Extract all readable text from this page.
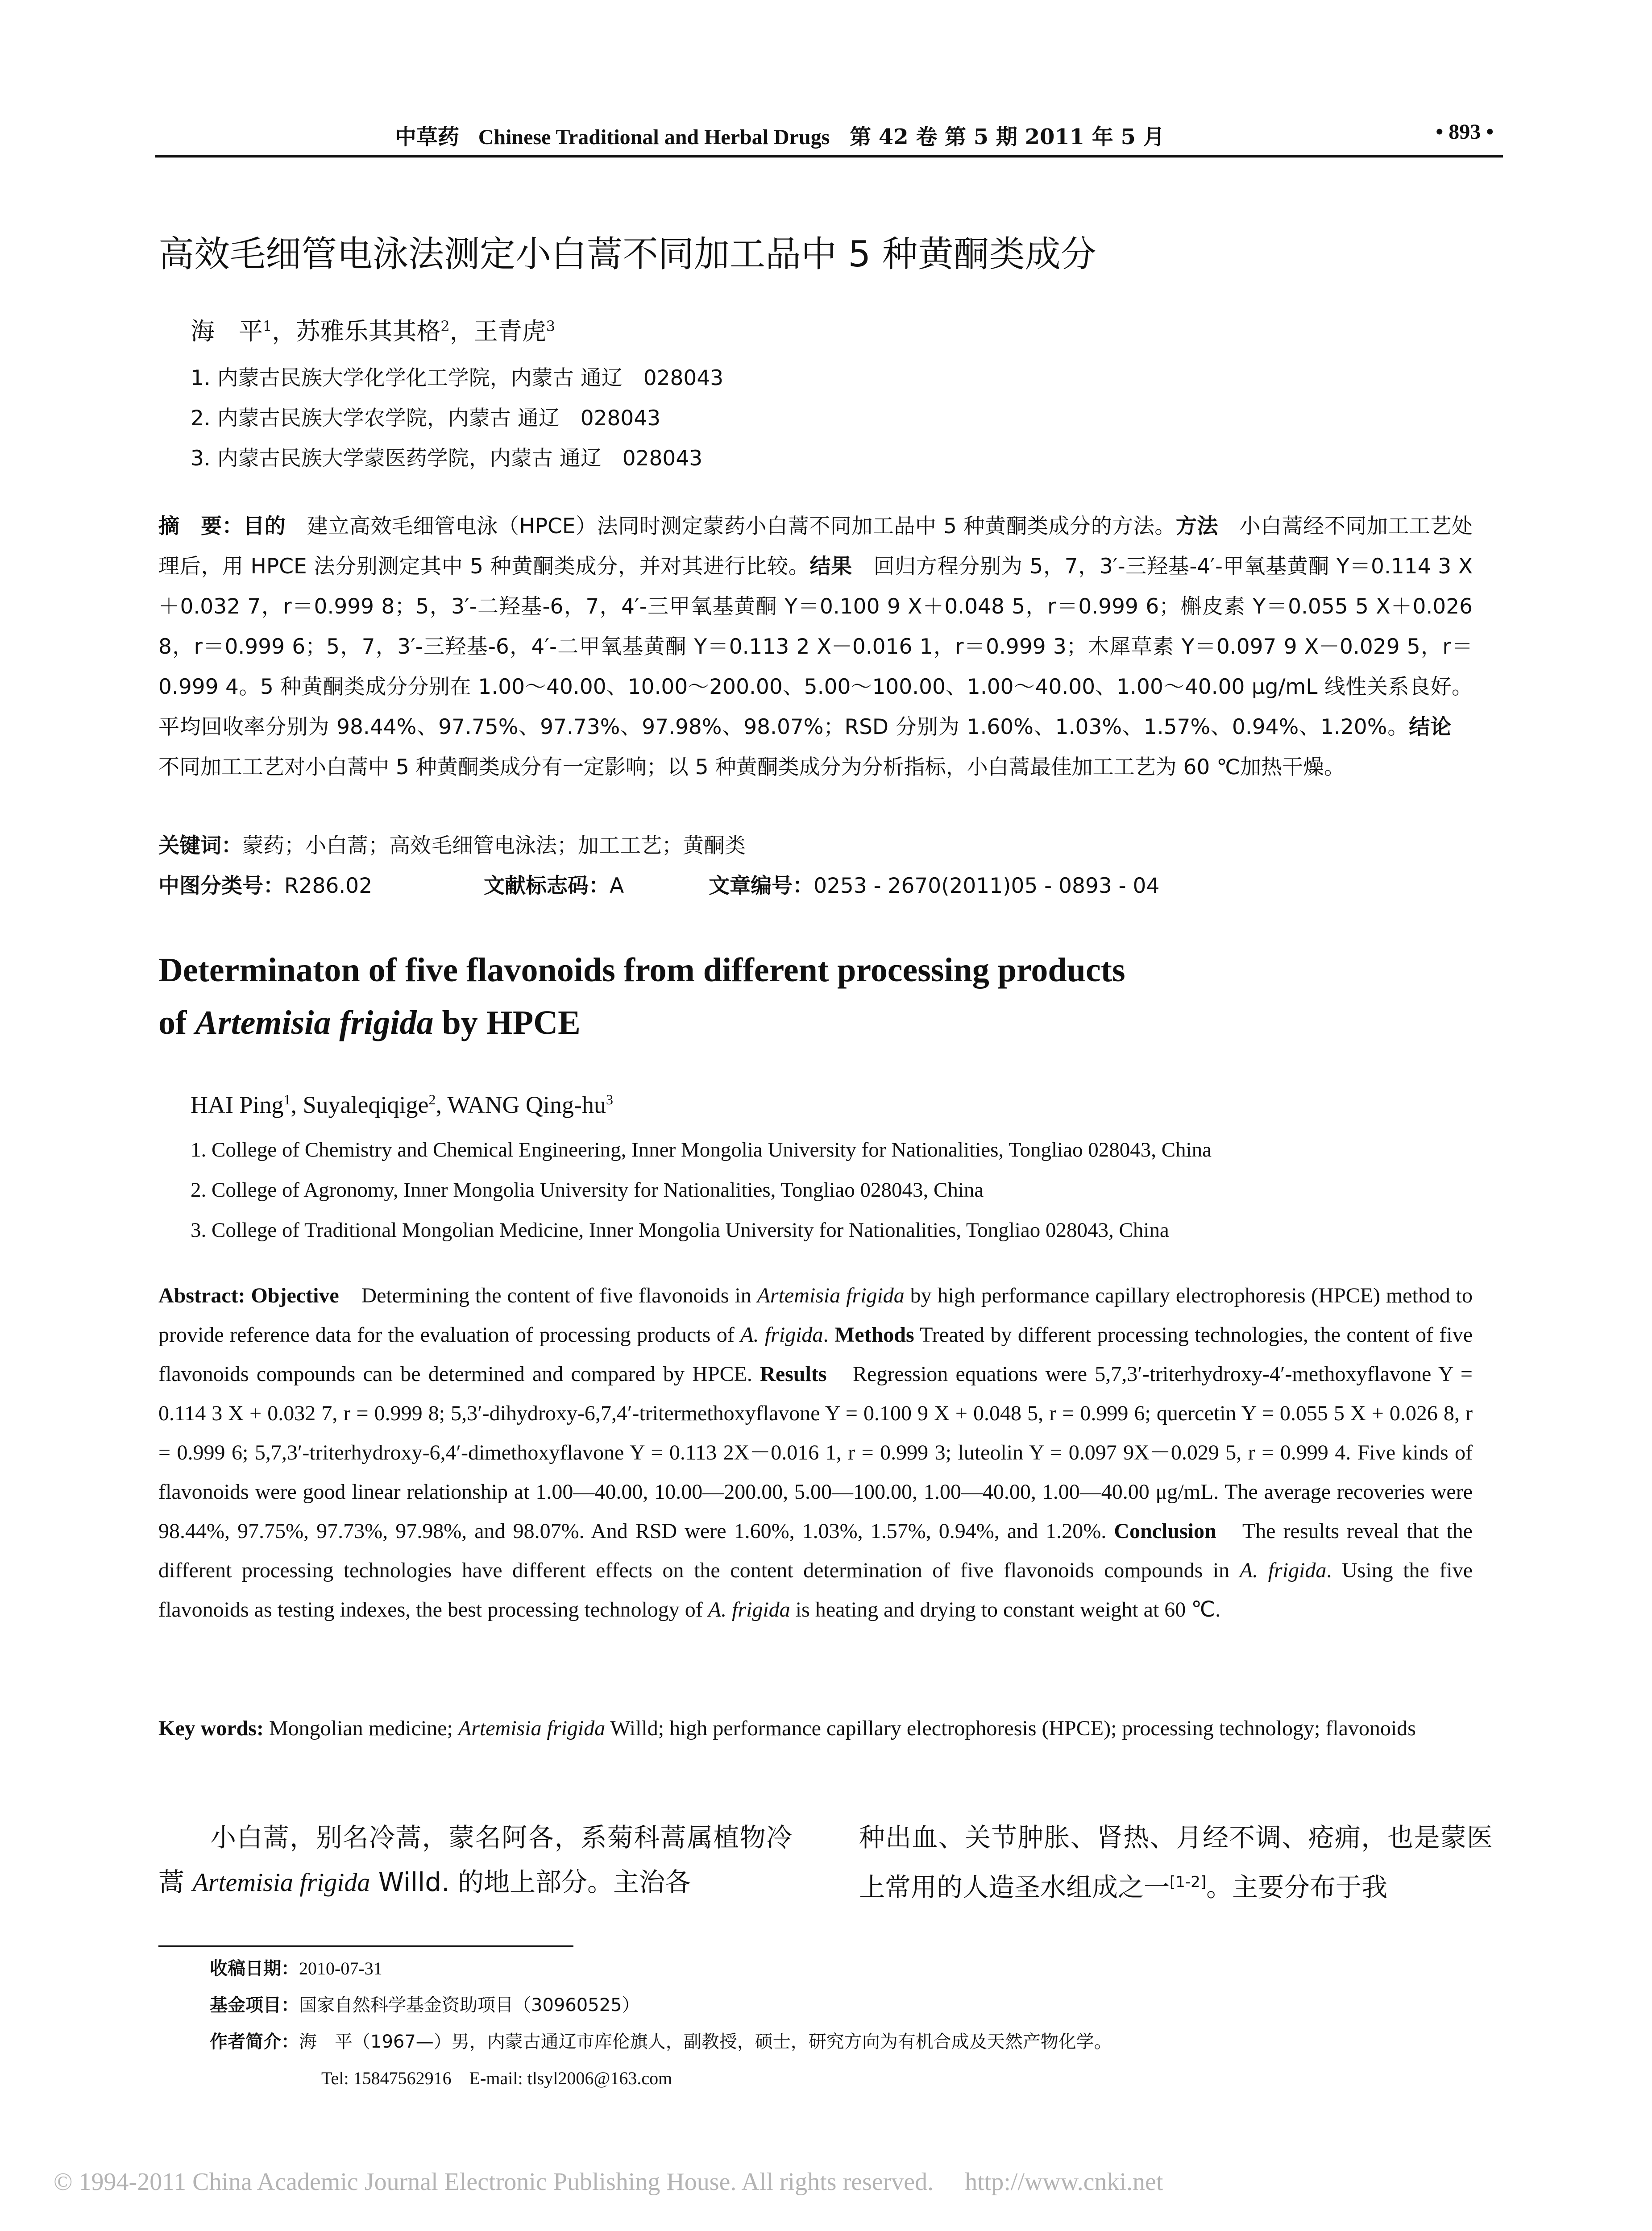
中草药 Chinese Traditional and Herbal Drugs 第 42 卷 第 5 期 2011 年 5 月	• 893 •
高效毛细管电泳法测定小白蒿不同加工品中 5 种黄酮类成分
海　平$^1$，苏雅乐其其格$^2$，王青虎$^3$
1. 内蒙古民族大学化学化工学院，内蒙古 通辽　028043
2. 内蒙古民族大学农学院，内蒙古 通辽　028043
3. 内蒙古民族大学蒙医药学院，内蒙古 通辽　028043
摘　要：目的　建立高效毛细管电泳（HPCE）法同时测定蒙药小白蒿不同加工品中 5 种黄酮类成分的方法。方法　小白蒿经不同加工工艺处理后，用 HPCE 法分别测定其中 5 种黄酮类成分，并对其进行比较。结果　回归方程分别为 5，7，3′-三羟基-4′-甲氧基黄酮 Y＝0.114 3 X＋0.032 7，r＝0.999 8；5，3′-二羟基-6，7，4′-三甲氧基黄酮 Y＝0.100 9 X＋0.048 5，r＝0.999 6；槲皮素 Y＝0.055 5 X＋0.026 8，r＝0.999 6；5，7，3′-三羟基-6，4′-二甲氧基黄酮 Y＝0.113 2 X－0.016 1，r＝0.999 3；木犀草素 Y＝0.097 9 X－0.029 5，r＝0.999 4。5 种黄酮类成分分别在 1.00～40.00、10.00～200.00、5.00～100.00、1.00～40.00、1.00～40.00 μg/mL 线性关系良好。平均回收率分别为 98.44%、97.75%、97.73%、97.98%、98.07%；RSD 分别为 1.60%、1.03%、1.57%、0.94%、1.20%。结论　不同加工工艺对小白蒿中 5 种黄酮类成分有一定影响；以 5 种黄酮类成分为分析指标，小白蒿最佳加工工艺为 60 ℃加热干燥。
关键词：蒙药；小白蒿；高效毛细管电泳法；加工工艺；黄酮类
中图分类号：R286.02	文献标志码：A	文章编号：0253 - 2670(2011)05 - 0893 - 04
Determinaton of five flavonoids from different processing products
of Artemisia frigida by HPCE
HAI Ping$^1$, Suyaleqiqige$^2$, WANG Qing-$hu^3$
1. College of Chemistry and Chemical Engineering, Inner Mongolia University for Nationalities, Tongliao 028043, China
2. College of Agronomy, Inner Mongolia University for Nationalities, Tongliao 028043, China
3. College of Traditional Mongolian Medicine, Inner Mongolia University for Nationalities, Tongliao 028043, China
Abstract: Objective　Determining the content of five flavonoids in Artemisia frigida by high performance capillary electrophoresis (HPCE) method to provide reference data for the evaluation of processing products of A. frigida. Methods Treated by different processing technologies, the content of five flavonoids compounds can be determined and compared by HPCE. Results　Regression equations were 5,7,3′-triterhydroxy-4′-methoxyflavone Y = 0.114 3 X + 0.032 7, r = 0.999 8; 5,3′-dihydroxy-6,7,4′-tritermethoxyflavone Y = 0.100 9 X + 0.048 5, r = 0.999 6; quercetin Y = 0.055 5 X + 0.026 8, r = 0.999 6; 5,7,3′-triterhydroxy-6,4′-dimethoxyflavone Y = 0.113 2X－0.016 1, r = 0.999 3; luteolin Y = 0.097 9X－0.029 5, r = 0.999 4. Five kinds of flavonoids were good linear relationship at 1.00—40.00, 10.00—200.00, 5.00—100.00, 1.00—40.00, 1.00—40.00 μg/mL. The average recoveries were 98.44%, 97.75%, 97.73%, 97.98%, and 98.07%. And RSD were 1.60%, 1.03%, 1.57%, 0.94%, and 1.20%. Conclusion　The results reveal that the different processing technologies have different effects on the content determination of five flavonoids compounds in A. frigida. Using the five flavonoids as testing indexes, the best processing technology of A. frigida is heating and drying to constant weight at 60 ℃.
Key words: Mongolian medicine; Artemisia frigida Willd; high performance capillary electrophoresis (HPCE); processing technology; flavonoids
小白蒿，别名冷蒿，蒙名阿各，系菊科蒿属植物冷蒿 Artemisia frigida Willd. 的地上部分。主治各
种出血、关节肿胀、肾热、月经不调、疮痈，也是蒙医上常用的人造圣水组成之一[1-2]。主要分布于我
收稿日期：2010-07-31
基金项目：国家自然科学基金资助项目（30960525）
作者简介：海　平（1967—）男，内蒙古通辽市库伦旗人，副教授，硕士，研究方向为有机合成及天然产物化学。
Tel: 15847562916　E-mail: tlsyl2006@163.com
© 1994-2011 China Academic Journal Electronic Publishing House. All rights reserved.　 http://www.cnki.net
